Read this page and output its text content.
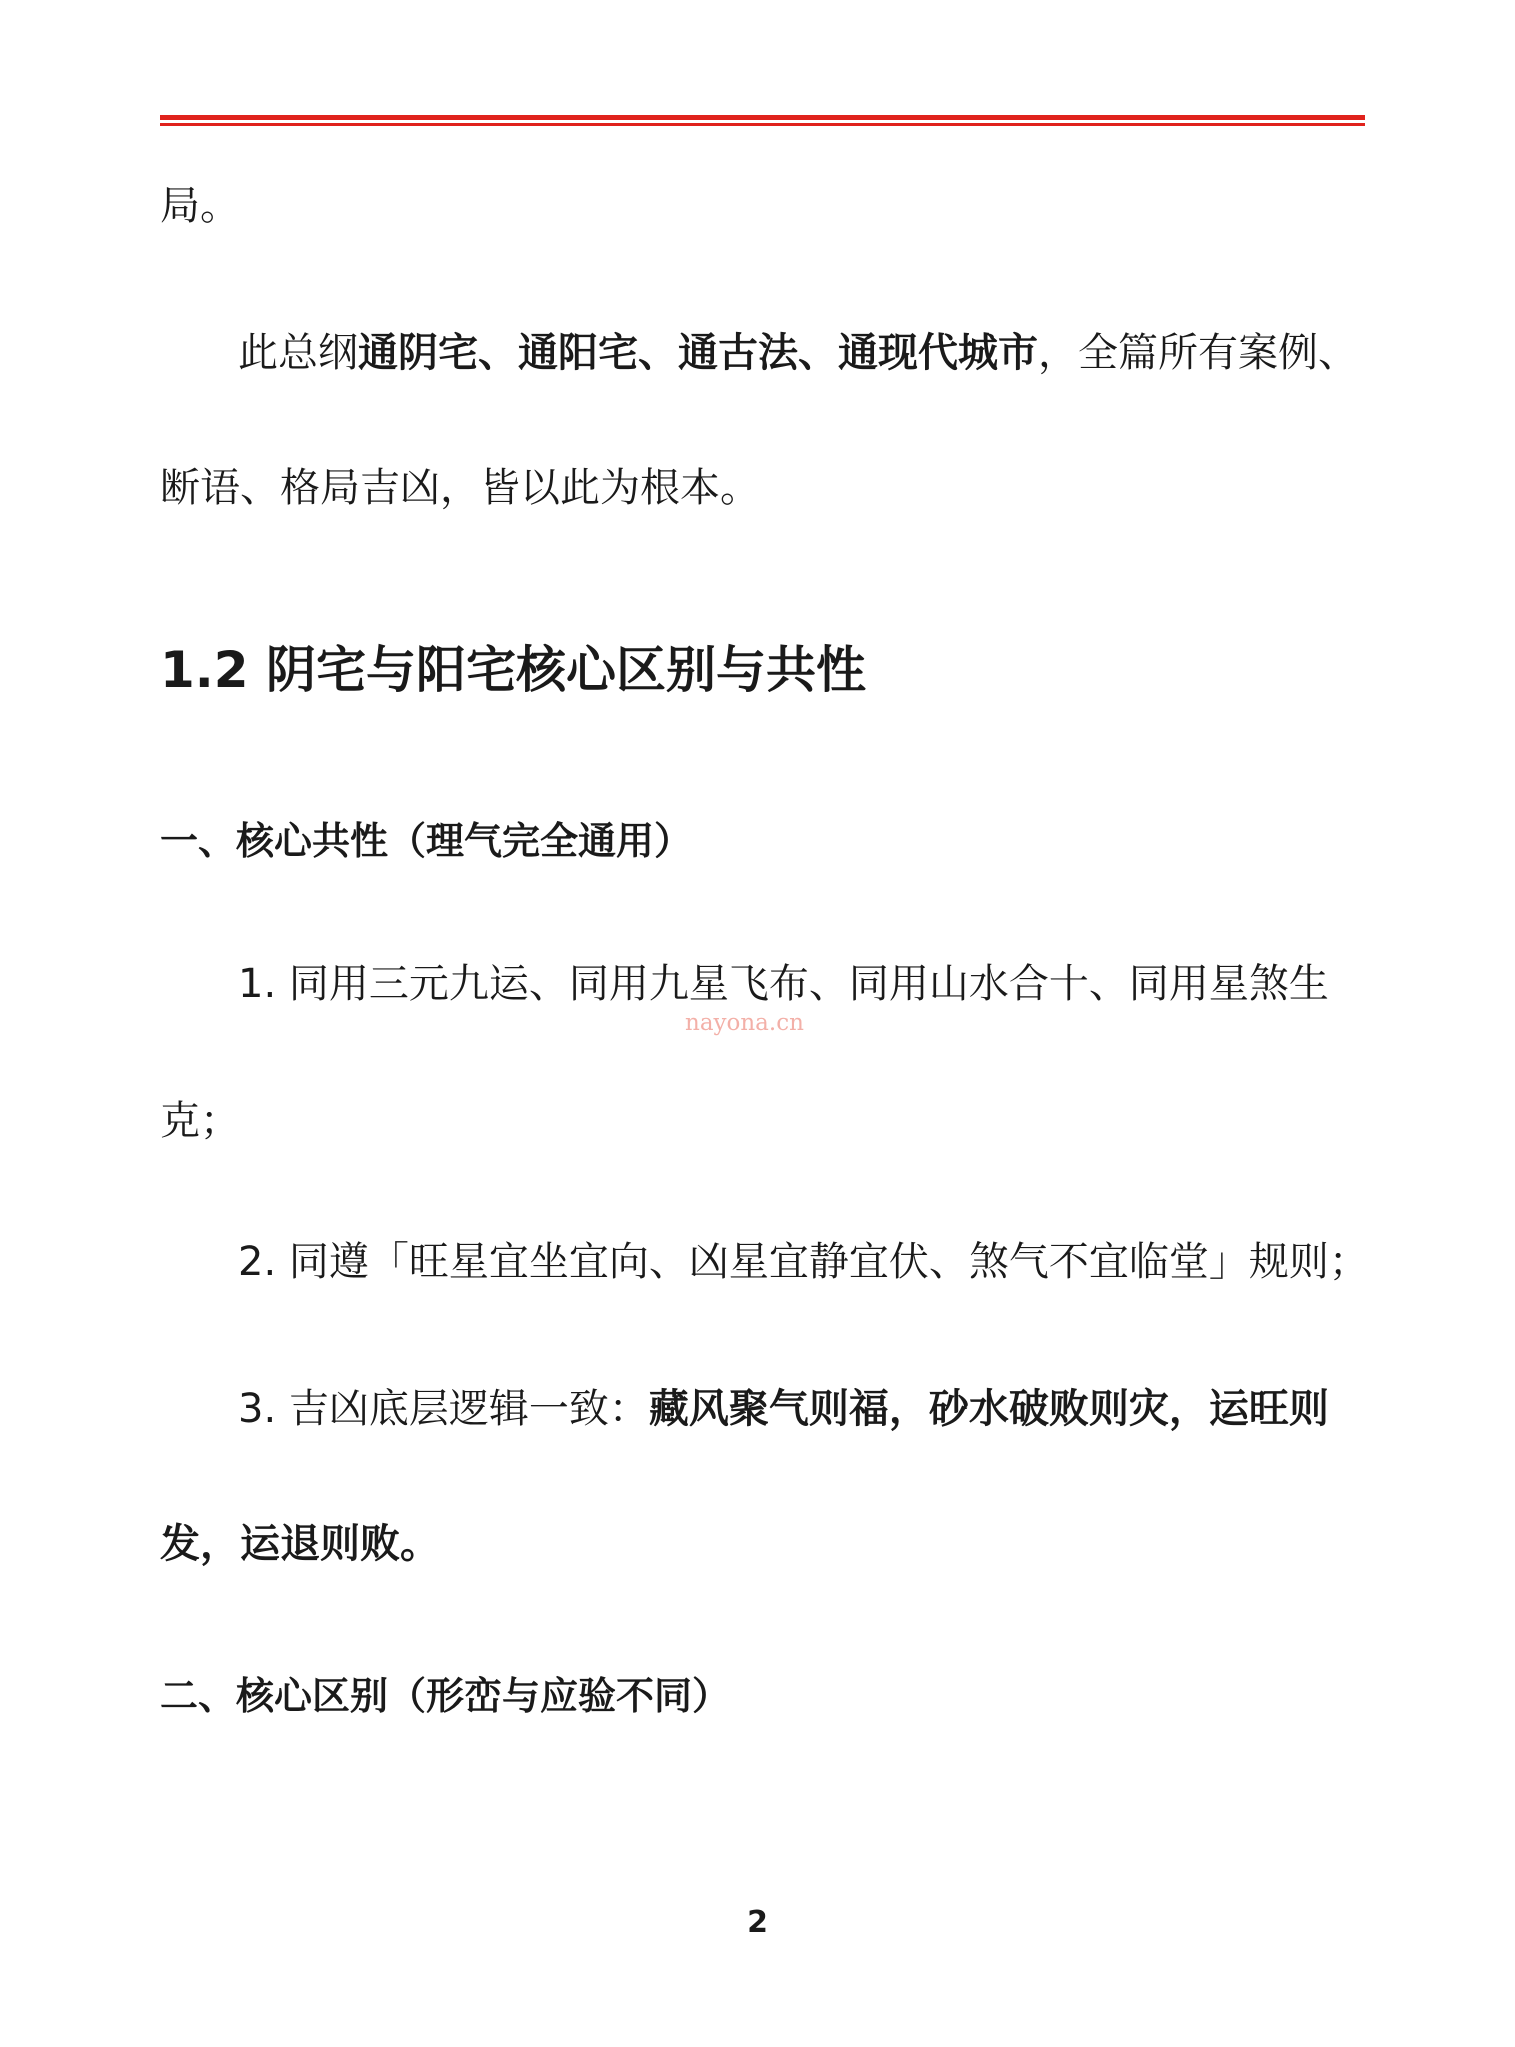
局。
此总纲通阴宅、通阳宅、通古法、通现代城市，全篇所有案例、
断语、格局吉凶，皆以此为根本。
1.2 阴宅与阳宅核心区别与共性
一、核心共性（理气完全通用）
1. 同用三元九运、同用九星飞布、同用山水合十、同用星煞生
nayona.cn
克；
2. 同遵「旺星宜坐宜向、凶星宜静宜伏、煞气不宜临堂」规则；
3. 吉凶底层逻辑一致：藏风聚气则福，砂水破败则灾，运旺则
发，运退则败。
二、核心区别（形峦与应验不同）
2
